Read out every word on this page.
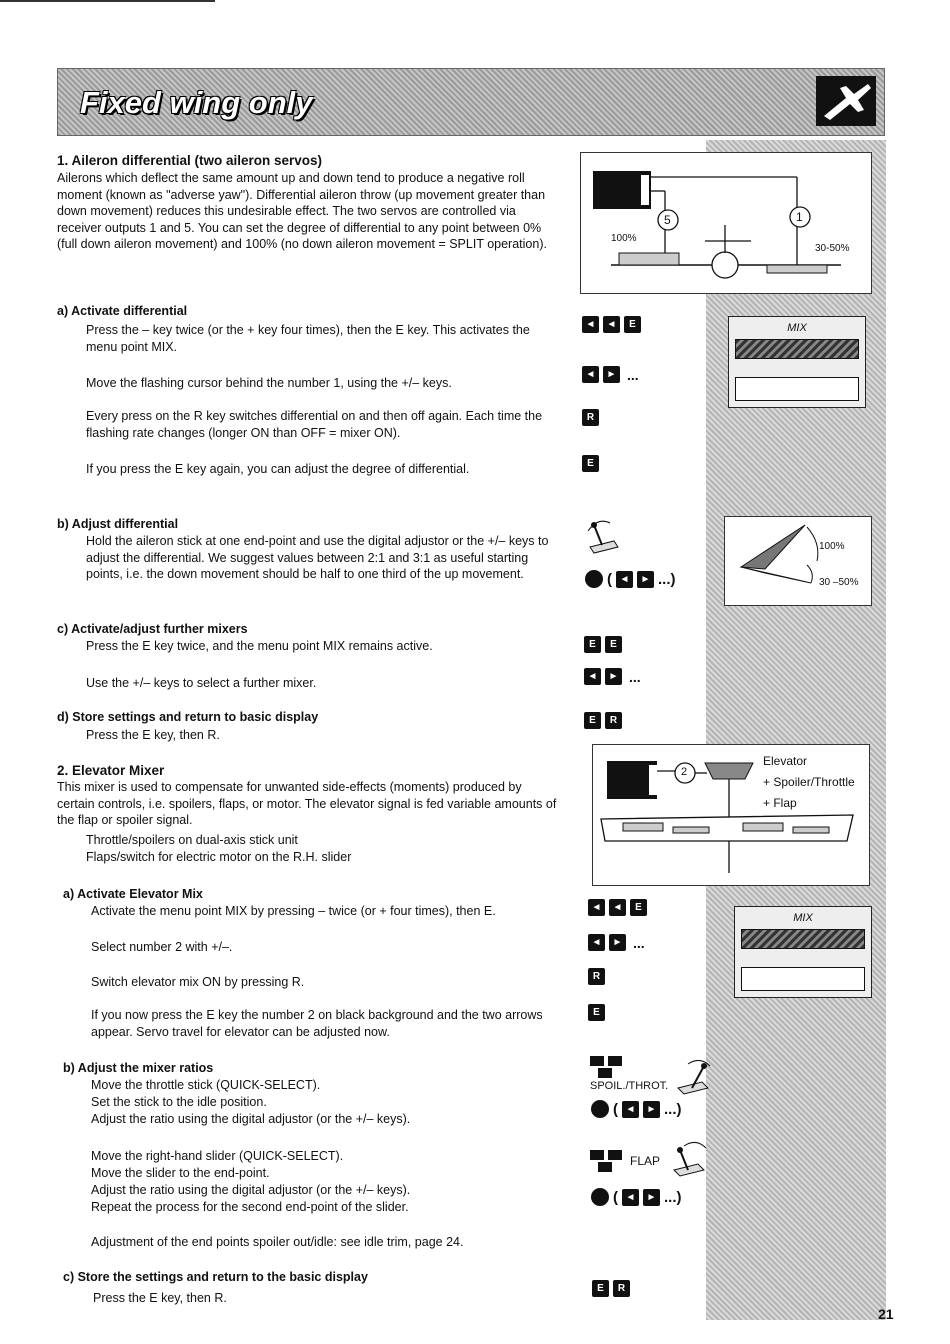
Fixed wing only
1. Aileron differential (two aileron servos)
Ailerons which deflect the same amount up and down tend to produce a negative roll moment (known as "adverse yaw"). Differential aileron throw (up movement greater than down movement) reduces this undesirable effect. The two servos are controlled via receiver outputs 1 and 5. You can set the degree of differential to any point between 0% (full down aileron movement) and 100% (no down aileron movement = SPLIT operation).
5	1
100%
30-50%
a) Activate differential
Press the – key twice (or the + key four times), then the E key. This activates the menu point MIX.
Move the flashing cursor behind the number 1, using the +/– keys.
Every press on the R key switches differential on and then off again. Each time the flashing rate changes (longer ON than OFF = mixer ON).
If you press the E key again, you can adjust the degree of differential.
◄	◄	E
◄	► ...
R
E
MIX
b) Adjust differential
Hold the aileron stick at one end-point and use the digital adjustor or the +/– keys to adjust the differential. We suggest values between 2:1 and 3:1 as useful starting points, i.e. the down movement should be half to one third of the up movement.	( ◄	► ...)
100%
30 –50%
c) Activate/adjust further mixers
Press the E key twice, and the menu point MIX remains active.
Use the +/– keys to select a further mixer.
E	E
◄	► ...
d) Store settings and return to basic display
Press the E key, then R.
E	R
2. Elevator Mixer
This mixer is used to compensate for unwanted side-effects (moments) produced by certain controls, i.e. spoilers, flaps, or motor. The elevator signal is fed variable amounts of the flap or spoiler signal.
Throttle/spoilers on dual-axis stick unit
Flaps/switch for electric motor on the R.H. slider
2
Elevator
+ Spoiler/Throttle
+ Flap
a) Activate Elevator Mix
Activate the menu point MIX by pressing – twice (or + four times), then E.
Select number 2 with +/–.
Switch elevator mix ON by pressing R.
If you now press the E key the number 2 on black background and the two arrows appear. Servo travel for elevator can be adjusted now.
◄	◄	E
◄	► ...
R
E
MIX
b) Adjust the mixer ratios
Move the throttle stick (QUICK-SELECT).
Set the stick to the idle position.
Adjust the ratio using the digital adjustor (or the +/– keys).
Move the right-hand slider (QUICK-SELECT).
Move the slider to the end-point.
Adjust the ratio using the digital adjustor (or the +/– keys).
Repeat the process for the second end-point of the slider.
Adjustment of the end points spoiler out/idle: see idle trim, page 24.
SPOIL./THROT.
( ◄	► ...)
FLAP
( ◄	► ...)
c) Store the settings and return to the basic display
Press the E key, then R.
E	R
21
